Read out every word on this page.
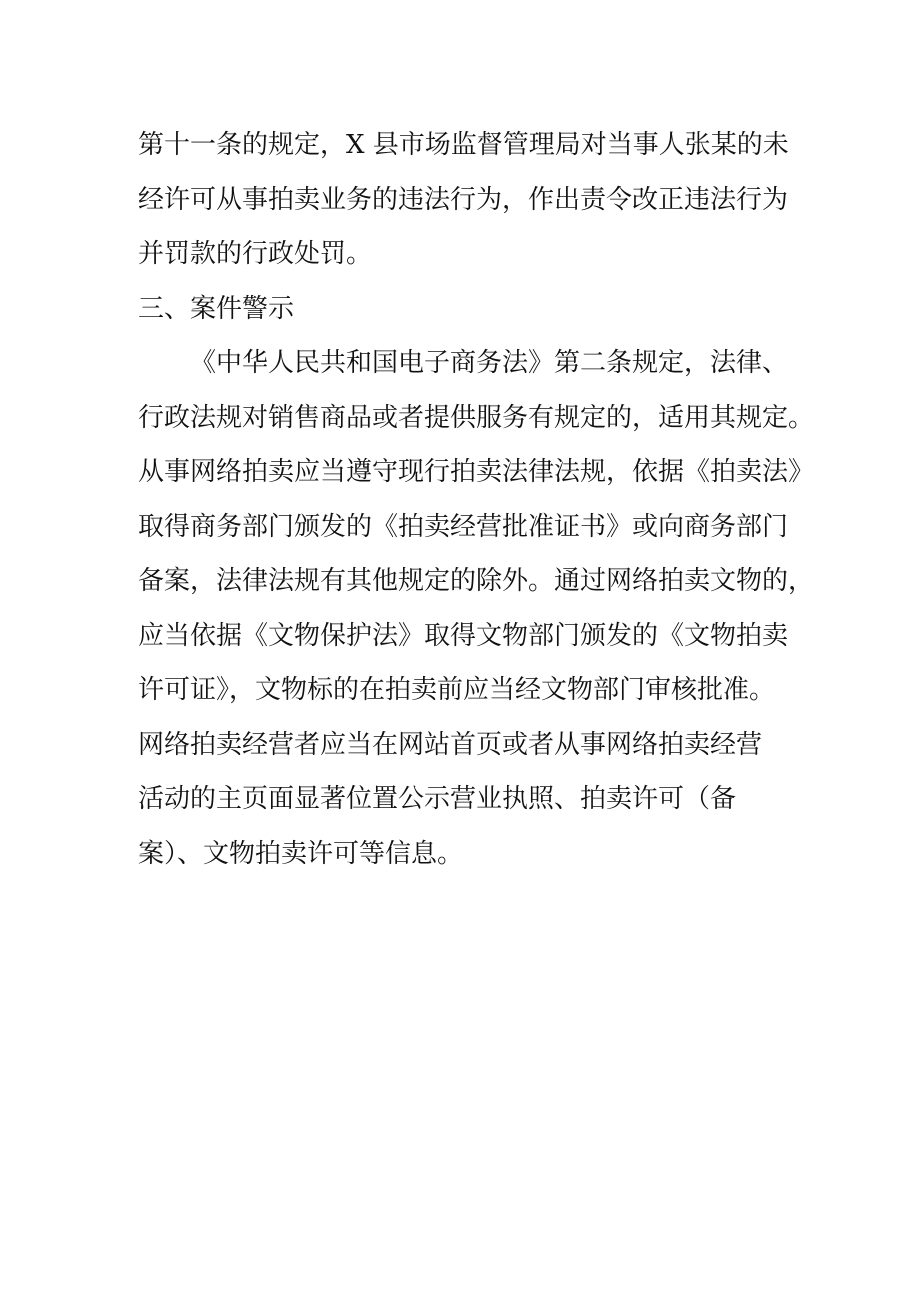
第十一条的规定，X 县市场监督管理局对当事人张某的未
经许可从事拍卖业务的违法行为，作出责令改正违法行为
并罚款的行政处罚。
三、案件警示
《中华人民共和国电子商务法》第二条规定，法律、
行政法规对销售商品或者提供服务有规定的，适用其规定。
从事网络拍卖应当遵守现行拍卖法律法规，依据《拍卖法》
取得商务部门颁发的《拍卖经营批准证书》或向商务部门
备案，法律法规有其他规定的除外。通过网络拍卖文物的，
应当依据《文物保护法》取得文物部门颁发的《文物拍卖
许可证》，文物标的在拍卖前应当经文物部门审核批准。
网络拍卖经营者应当在网站首页或者从事网络拍卖经营
活动的主页面显著位置公示营业执照、拍卖许可（备
案）、文物拍卖许可等信息。
